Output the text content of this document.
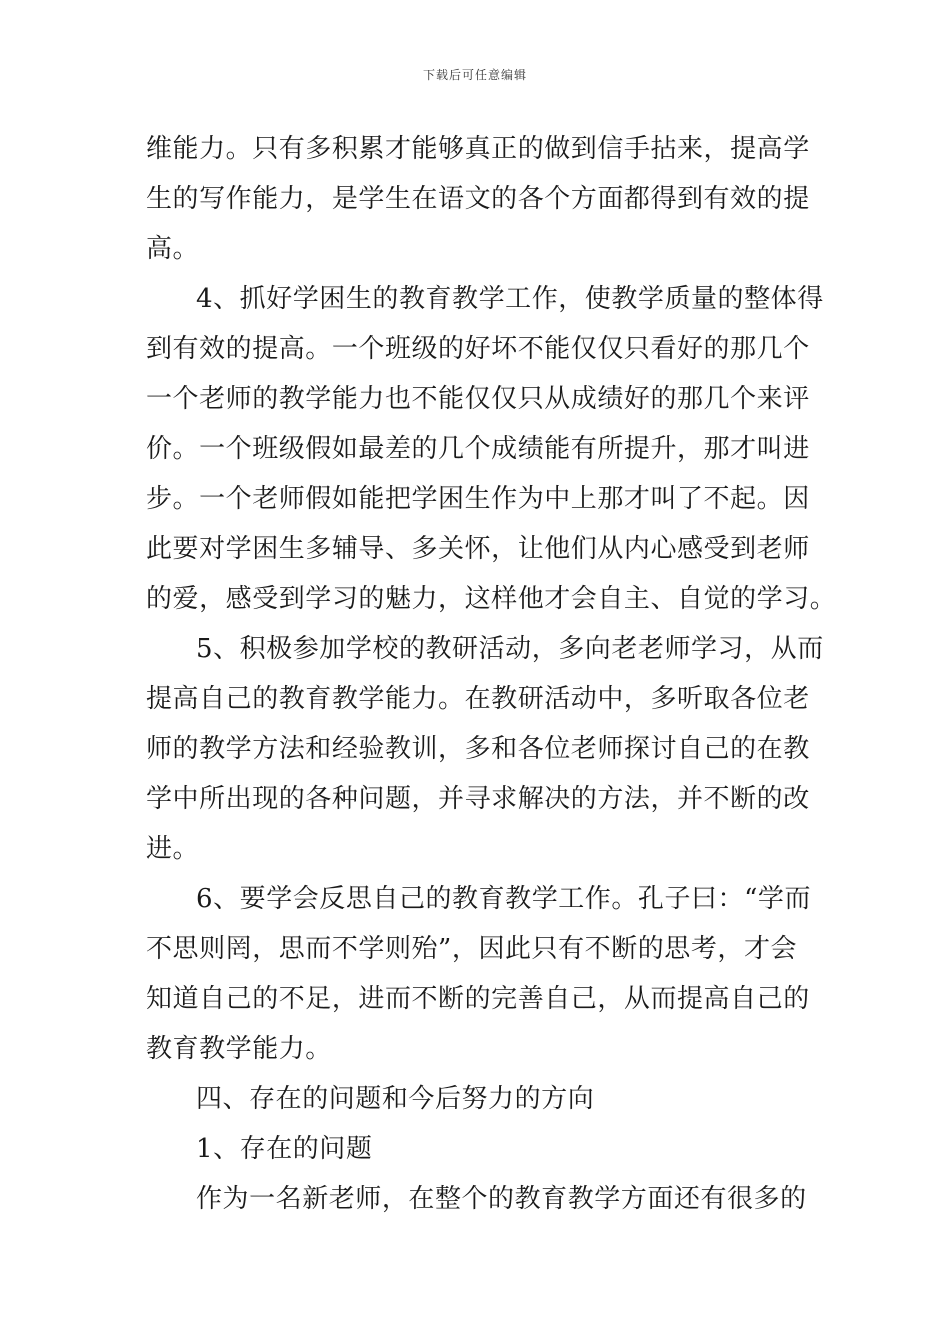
下载后可任意编辑
维能力。只有多积累才能够真正的做到信手拈来，提高学
生的写作能力，是学生在语文的各个方面都得到有效的提
高。
4、抓好学困生的教育教学工作，使教学质量的整体得
到有效的提高。一个班级的好坏不能仅仅只看好的那几个
一个老师的教学能力也不能仅仅只从成绩好的那几个来评
价。一个班级假如最差的几个成绩能有所提升，那才叫进
步。一个老师假如能把学困生作为中上那才叫了不起。因
此要对学困生多辅导、多关怀，让他们从内心感受到老师
的爱，感受到学习的魅力，这样他才会自主、自觉的学习。
5、积极参加学校的教研活动，多向老老师学习，从而
提高自己的教育教学能力。在教研活动中，多听取各位老
师的教学方法和经验教训，多和各位老师探讨自己的在教
学中所出现的各种问题，并寻求解决的方法，并不断的改
进。
6、要学会反思自己的教育教学工作。孔子曰：“学而
不思则罔，思而不学则殆”，因此只有不断的思考，才会
知道自己的不足，进而不断的完善自己，从而提高自己的
教育教学能力。
四、存在的问题和今后努力的方向
1、存在的问题
作为一名新老师，在整个的教育教学方面还有很多的
